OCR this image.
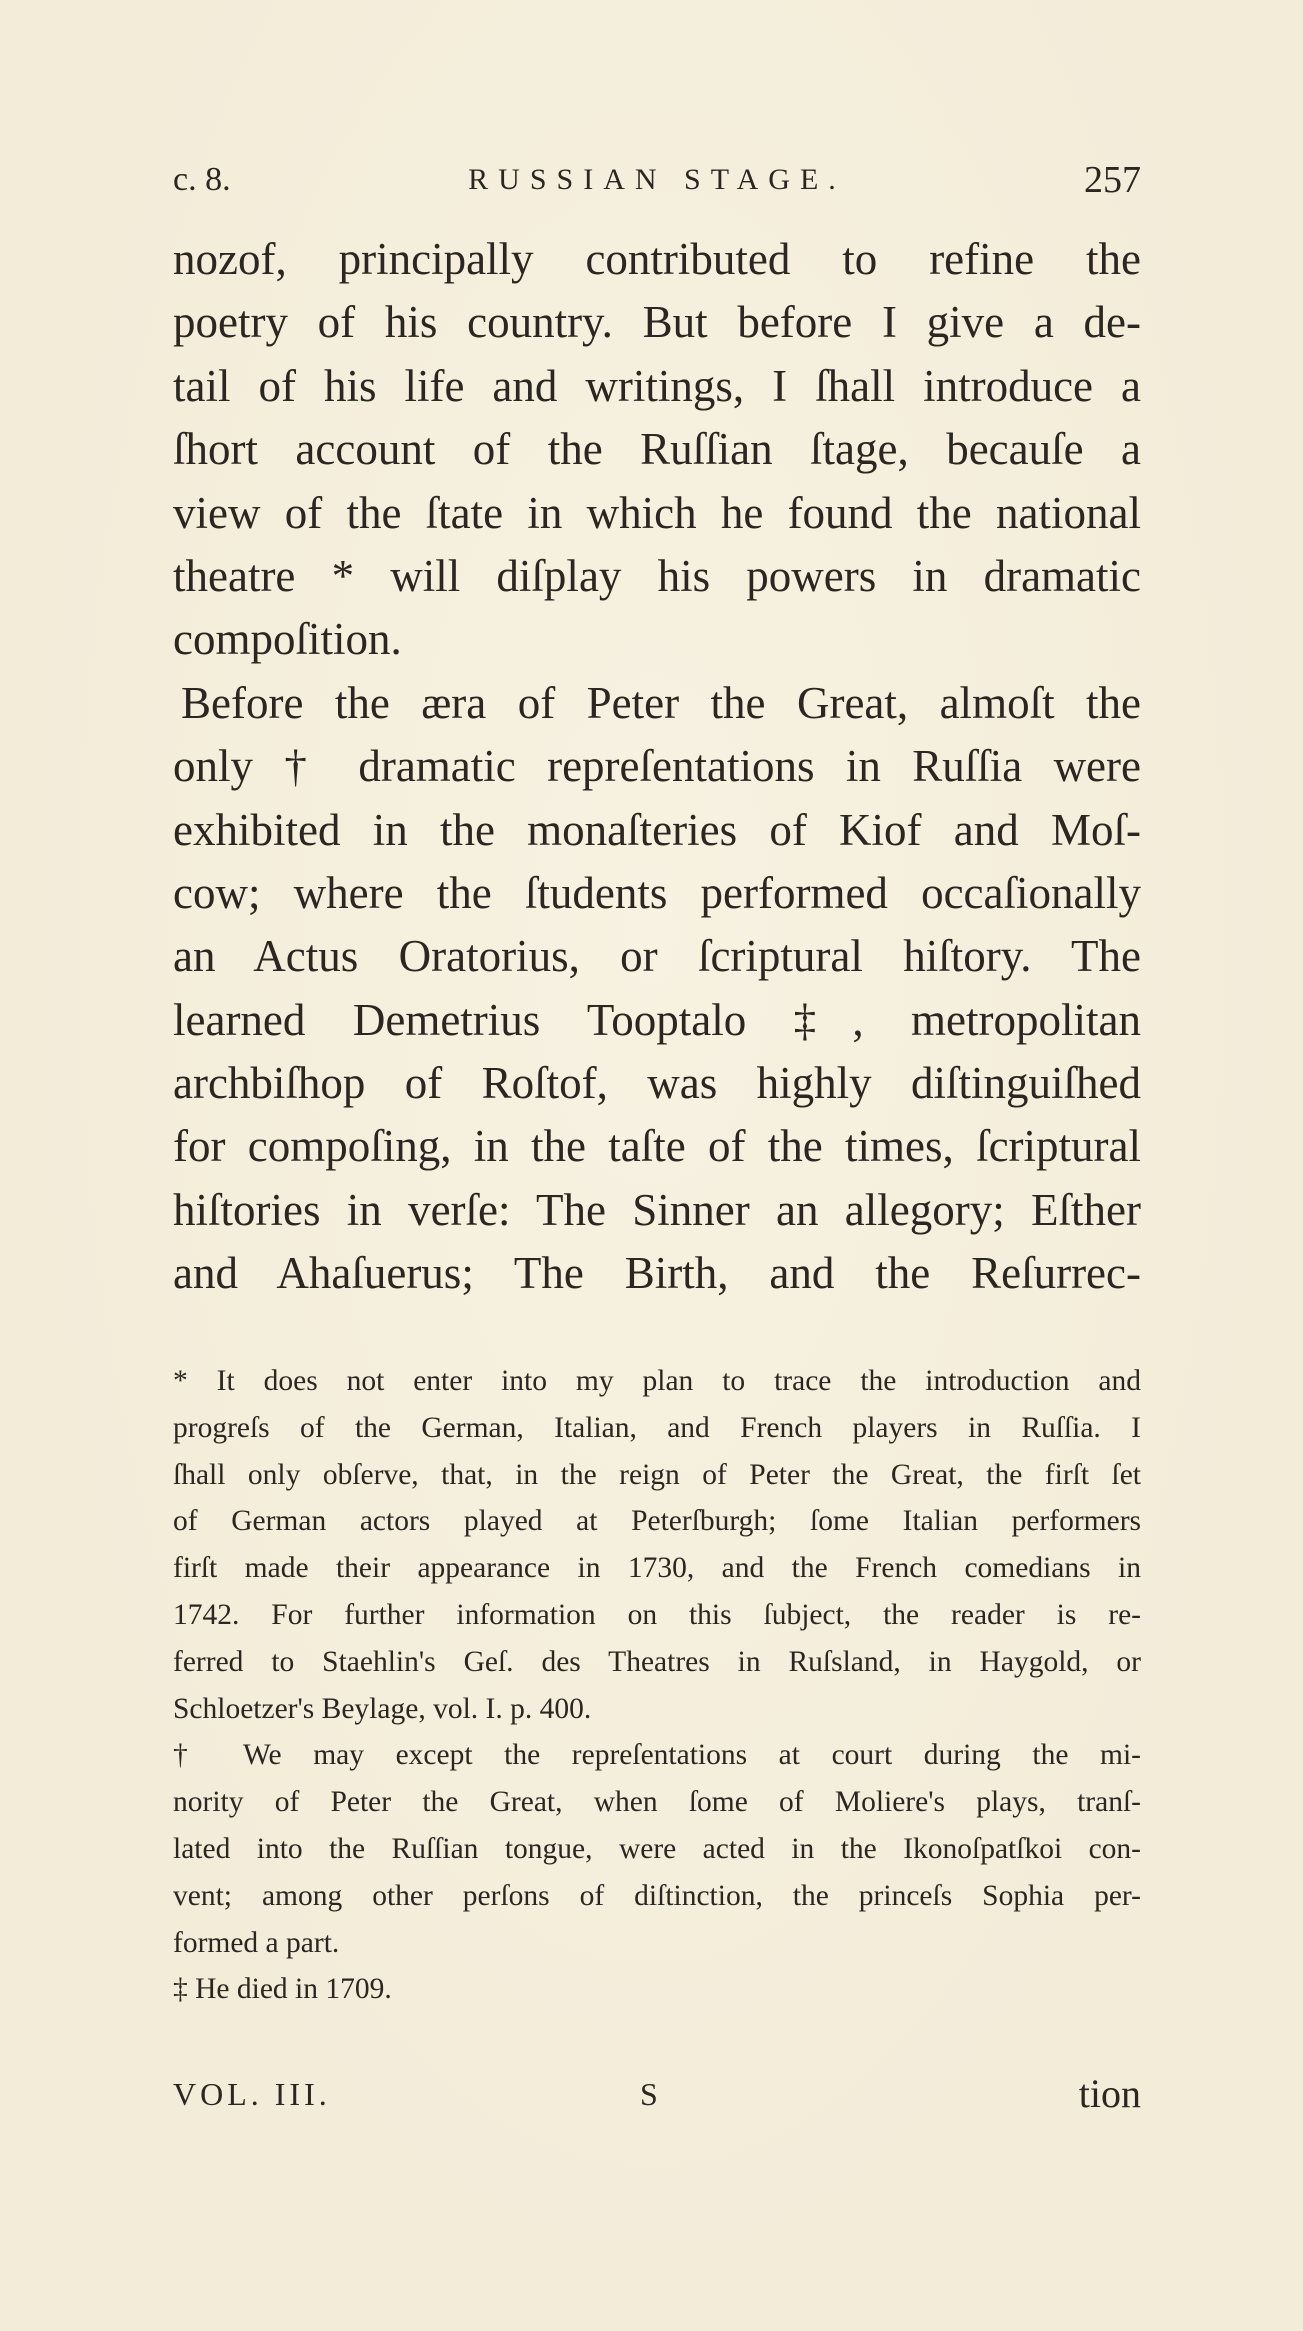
c. 8.	RUSSIAN STAGE.	257
nozof, principally contributed to refine the
poetry of his country. But before I give a de-
tail of his life and writings, I ſhall introduce a
ſhort account of the Ruſſian ſtage, becauſe a
view of the ſtate in which he found the national
theatre * will diſplay his powers in dramatic
compoſition.
Before the æra of Peter the Great, almoſt the
only † dramatic repreſentations in Ruſſia were
exhibited in the monaſteries of Kiof and Moſ-
cow; where the ſtudents performed occaſionally
an Actus Oratorius, or ſcriptural hiſtory. The
learned Demetrius Tooptalo ‡, metropolitan
archbiſhop of Roſtof, was highly diſtinguiſhed
for compoſing, in the taſte of the times, ſcriptural
hiſtories in verſe: The Sinner an allegory; Eſther
and Ahaſuerus; The Birth, and the Reſurrec-
* It does not enter into my plan to trace the introduction and
progreſs of the German, Italian, and French players in Ruſſia. I
ſhall only obſerve, that, in the reign of Peter the Great, the firſt ſet
of German actors played at Peterſburgh; ſome Italian performers
firſt made their appearance in 1730, and the French comedians in
1742. For further information on this ſubject, the reader is re-
ferred to Staehlin's Geſ. des Theatres in Ruſsland, in Haygold, or
Schloetzer's Beylage, vol. I. p. 400.
† We may except the repreſentations at court during the mi-
nority of Peter the Great, when ſome of Moliere's plays, tranſ-
lated into the Ruſſian tongue, were acted in the Ikonoſpatſkoi con-
vent; among other perſons of diſtinction, the princeſs Sophia per-
formed a part.
‡ He died in 1709.
VOL. III.	S	tion
